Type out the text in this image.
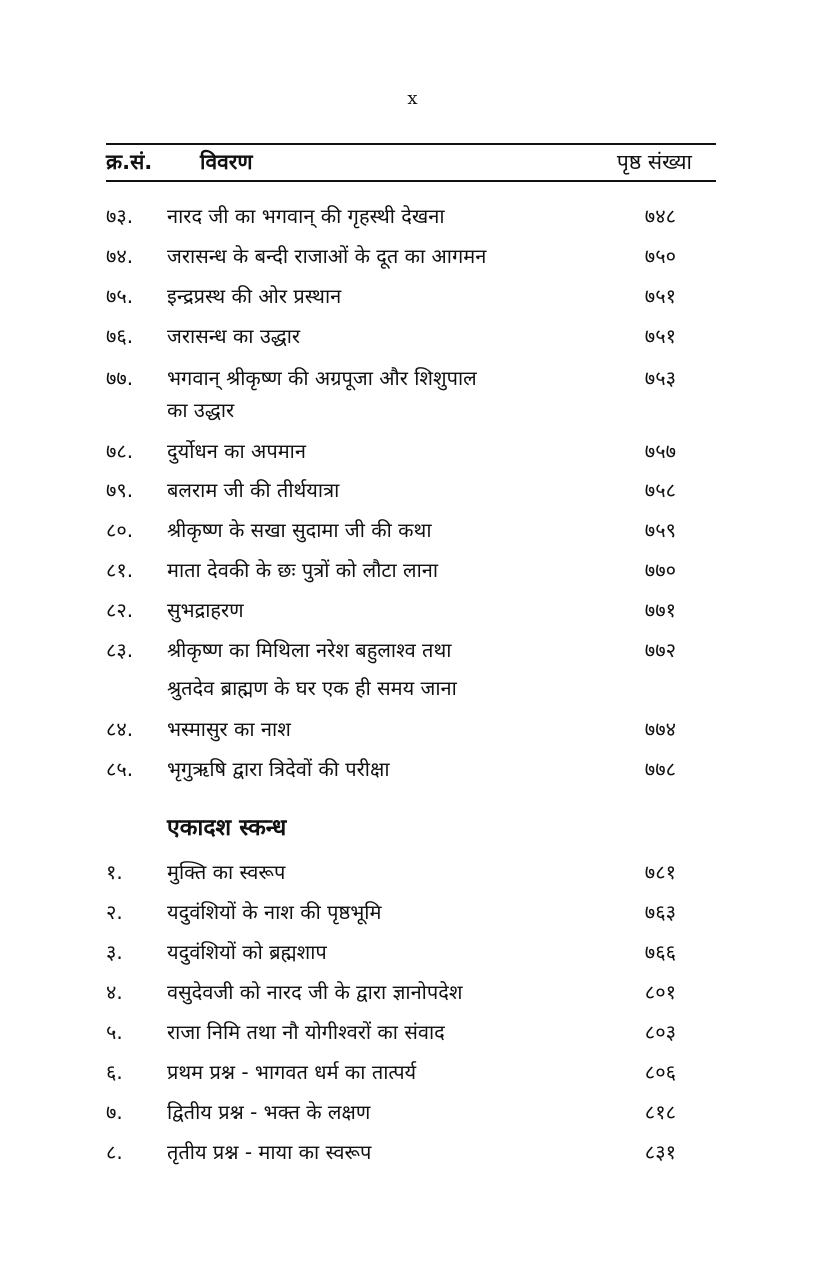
x
क्र.सं. विवरण	पृष्ठ संख्या
७३. नारद जी का भगवान् की गृहस्थी देखना	७४८
७४. जरासन्ध के बन्दी राजाओं के दूत का आगमन	७५०
७५. इन्द्रप्रस्थ की ओर प्रस्थान	७५१
७६. जरासन्ध का उद्धार	७५१
७७. भगवान् श्रीकृष्ण की अग्रपूजा और शिशुपाल	७५३
का उद्धार
७८. दुर्योधन का अपमान	७५७
७९. बलराम जी की तीर्थयात्रा	७५८
८०. श्रीकृष्ण के सखा सुदामा जी की कथा	७५९
८१. माता देवकी के छः पुत्रों को लौटा लाना	७७०
८२. सुभद्राहरण	७७१
८३. श्रीकृष्ण का मिथिला नरेश बहुलाश्व तथा	७७२
श्रुतदेव ब्राह्मण के घर एक ही समय जाना
८४. भस्मासुर का नाश	७७४
८५. भृगुऋषि द्वारा त्रिदेवों की परीक्षा	७७८
एकादश स्कन्ध
१. मुक्ति का स्वरूप	७८१
२. यदुवंशियों के नाश की पृष्ठभूमि	७६३
३. यदुवंशियों को ब्रह्मशाप	७६६
४. वसुदेवजी को नारद जी के द्वारा ज्ञानोपदेश	८०१
५. राजा निमि तथा नौ योगीश्वरों का संवाद	८०३
६. प्रथम प्रश्न - भागवत धर्म का तात्पर्य	८०६
७. द्वितीय प्रश्न - भक्त के लक्षण	८१८
८. तृतीय प्रश्न - माया का स्वरूप	८३१
